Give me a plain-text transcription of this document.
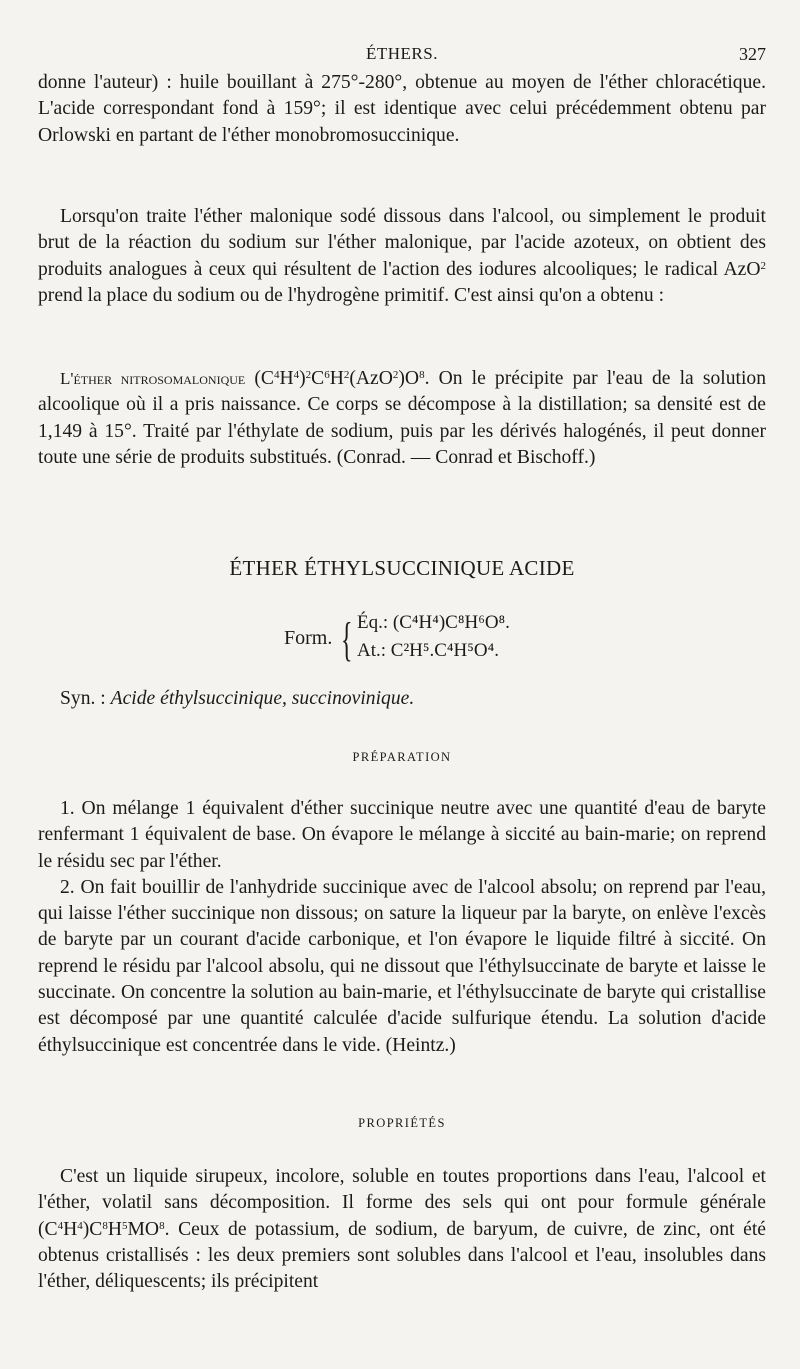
ÉTHERS.	327

donne l'auteur) : huile bouillant à 275°-280°, obtenue au moyen de l'éther chloracétique. L'acide correspondant fond à 159°; il est identique avec celui précédemment obtenu par Orlowski en partant de l'éther monobromosuccinique.

Lorsqu'on traite l'éther malonique sodé dissous dans l'alcool, ou simplement le produit brut de la réaction du sodium sur l'éther malonique, par l'acide azoteux, on obtient des produits analogues à ceux qui résultent de l'action des iodures alcooliques; le radical AzO$^2$ prend la place du sodium ou de l'hydrogène primitif. C'est ainsi qu'on a obtenu :

L'éther nitrosomalonique $(C^4H^4)^2C^6H^2(AzO^2)O^8$. On le précipite par l'eau de la solution alcoolique où il a pris naissance. Ce corps se décompose à la distillation; sa densité est de 1,149 à 15°. Traité par l'éthylate de sodium, puis par les dérivés halogénés, il peut donner toute une série de produits substitués. (Conrad. — Conrad et Bischoff.)

ÉTHER ÉTHYLSUCCINIQUE ACIDE
Form. { Éq.: (C⁴H⁴)C⁸H⁶O⁸.
At.: C²H⁵.C⁴H⁵O⁴.
Syn. : Acide éthylsuccinique, succinovinique.
PRÉPARATION

1. On mélange 1 équivalent d'éther succinique neutre avec une quantité d'eau de baryte renfermant 1 équivalent de base. On évapore le mélange à siccité au bain-marie; on reprend le résidu sec par l'éther.

2. On fait bouillir de l'anhydride succinique avec de l'alcool absolu; on reprend par l'eau, qui laisse l'éther succinique non dissous; on sature la liqueur par la baryte, on enlève l'excès de baryte par un courant d'acide carbonique, et l'on évapore le liquide filtré à siccité. On reprend le résidu par l'alcool absolu, qui ne dissout que l'éthylsuccinate de baryte et laisse le succinate. On concentre la solution au bain-marie, et l'éthylsuccinate de baryte qui cristallise est décomposé par une quantité calculée d'acide sulfurique étendu. La solution d'acide éthylsuccinique est concentrée dans le vide. (Heintz.)

PROPRIÉTÉS

C'est un liquide sirupeux, incolore, soluble en toutes proportions dans l'eau, l'alcool et l'éther, volatil sans décomposition. Il forme des sels qui ont pour formule générale $(C^4H^4)C^8H^5MO^8$. Ceux de potassium, de sodium, de baryum, de cuivre, de zinc, ont été obtenus cristallisés : les deux premiers sont solubles dans l'alcool et l'eau, insolubles dans l'éther, déliquescents; ils précipitent
